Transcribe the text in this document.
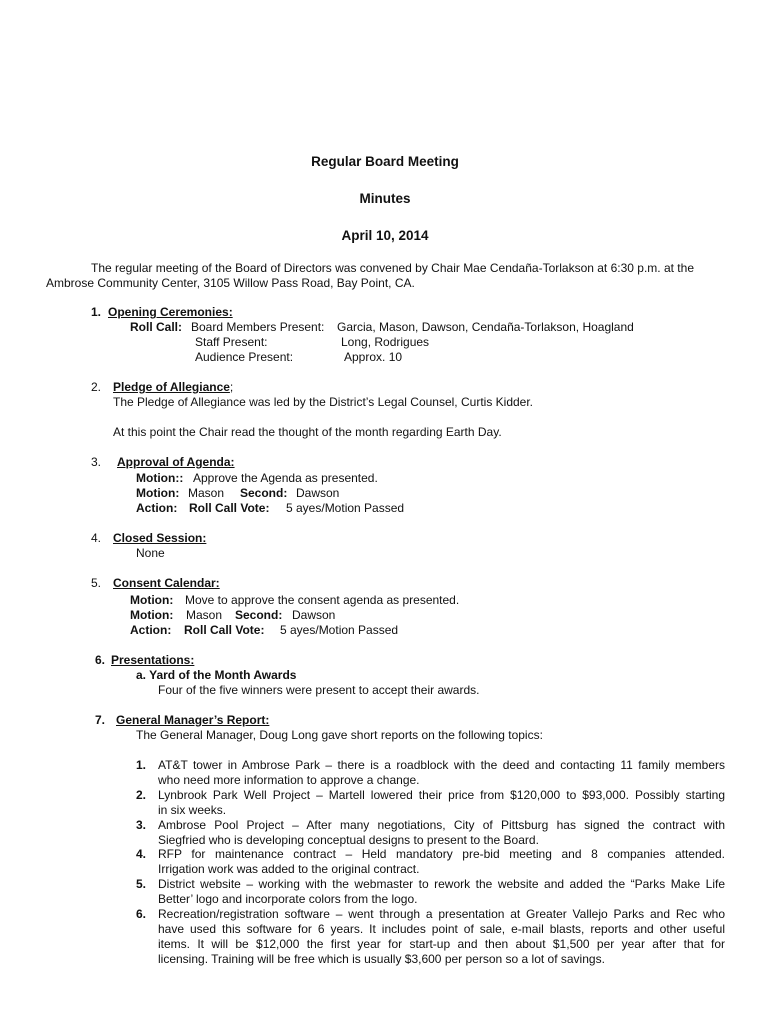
Regular Board Meeting
Minutes
April 10, 2014
The regular meeting of the Board of Directors was convened by Chair Mae Cendaña-Torlakson at 6:30 p.m. at the
Ambrose Community Center, 3105 Willow Pass Road, Bay Point, CA.
1. Opening Ceremonies:
Roll Call: Board Members Present: Garcia, Mason, Dawson, Cendaña-Torlakson, Hoagland
Staff Present:	Long, Rodrigues
Audience Present:	Approx. 10
2. Pledge of Allegiance;
The Pledge of Allegiance was led by the District’s Legal Counsel, Curtis Kidder.
At this point the Chair read the thought of the month regarding Earth Day.
3. Approval of Agenda:
Motion:: Approve the Agenda as presented.
Motion: Mason Second: Dawson
Action: Roll Call Vote: 5 ayes/Motion Passed
4. Closed Session:
None
5. Consent Calendar:
Motion: Move to approve the consent agenda as presented.
Motion: Mason Second: Dawson
Action: Roll Call Vote: 5 ayes/Motion Passed
6. Presentations:
a. Yard of the Month Awards
Four of the five winners were present to accept their awards.
7. General Manager’s Report:
The General Manager, Doug Long gave short reports on the following topics:
1. AT&T tower in Ambrose Park – there is a roadblock with the deed and contacting 11 family members
who need more information to approve a change.
2. Lynbrook Park Well Project – Martell lowered their price from $120,000 to $93,000. Possibly starting
in six weeks.
3. Ambrose Pool Project – After many negotiations, City of Pittsburg has signed the contract with
Siegfried who is developing conceptual designs to present to the Board.
4. RFP for maintenance contract – Held mandatory pre-bid meeting and 8 companies attended.
Irrigation work was added to the original contract.
5. District website – working with the webmaster to rework the website and added the “Parks Make Life
Better’ logo and incorporate colors from the logo.
6. Recreation/registration software – went through a presentation at Greater Vallejo Parks and Rec who
have used this software for 6 years. It includes point of sale, e-mail blasts, reports and other useful
items. It will be $12,000 the first year for start-up and then about $1,500 per year after that for
licensing. Training will be free which is usually $3,600 per person so a lot of savings.
